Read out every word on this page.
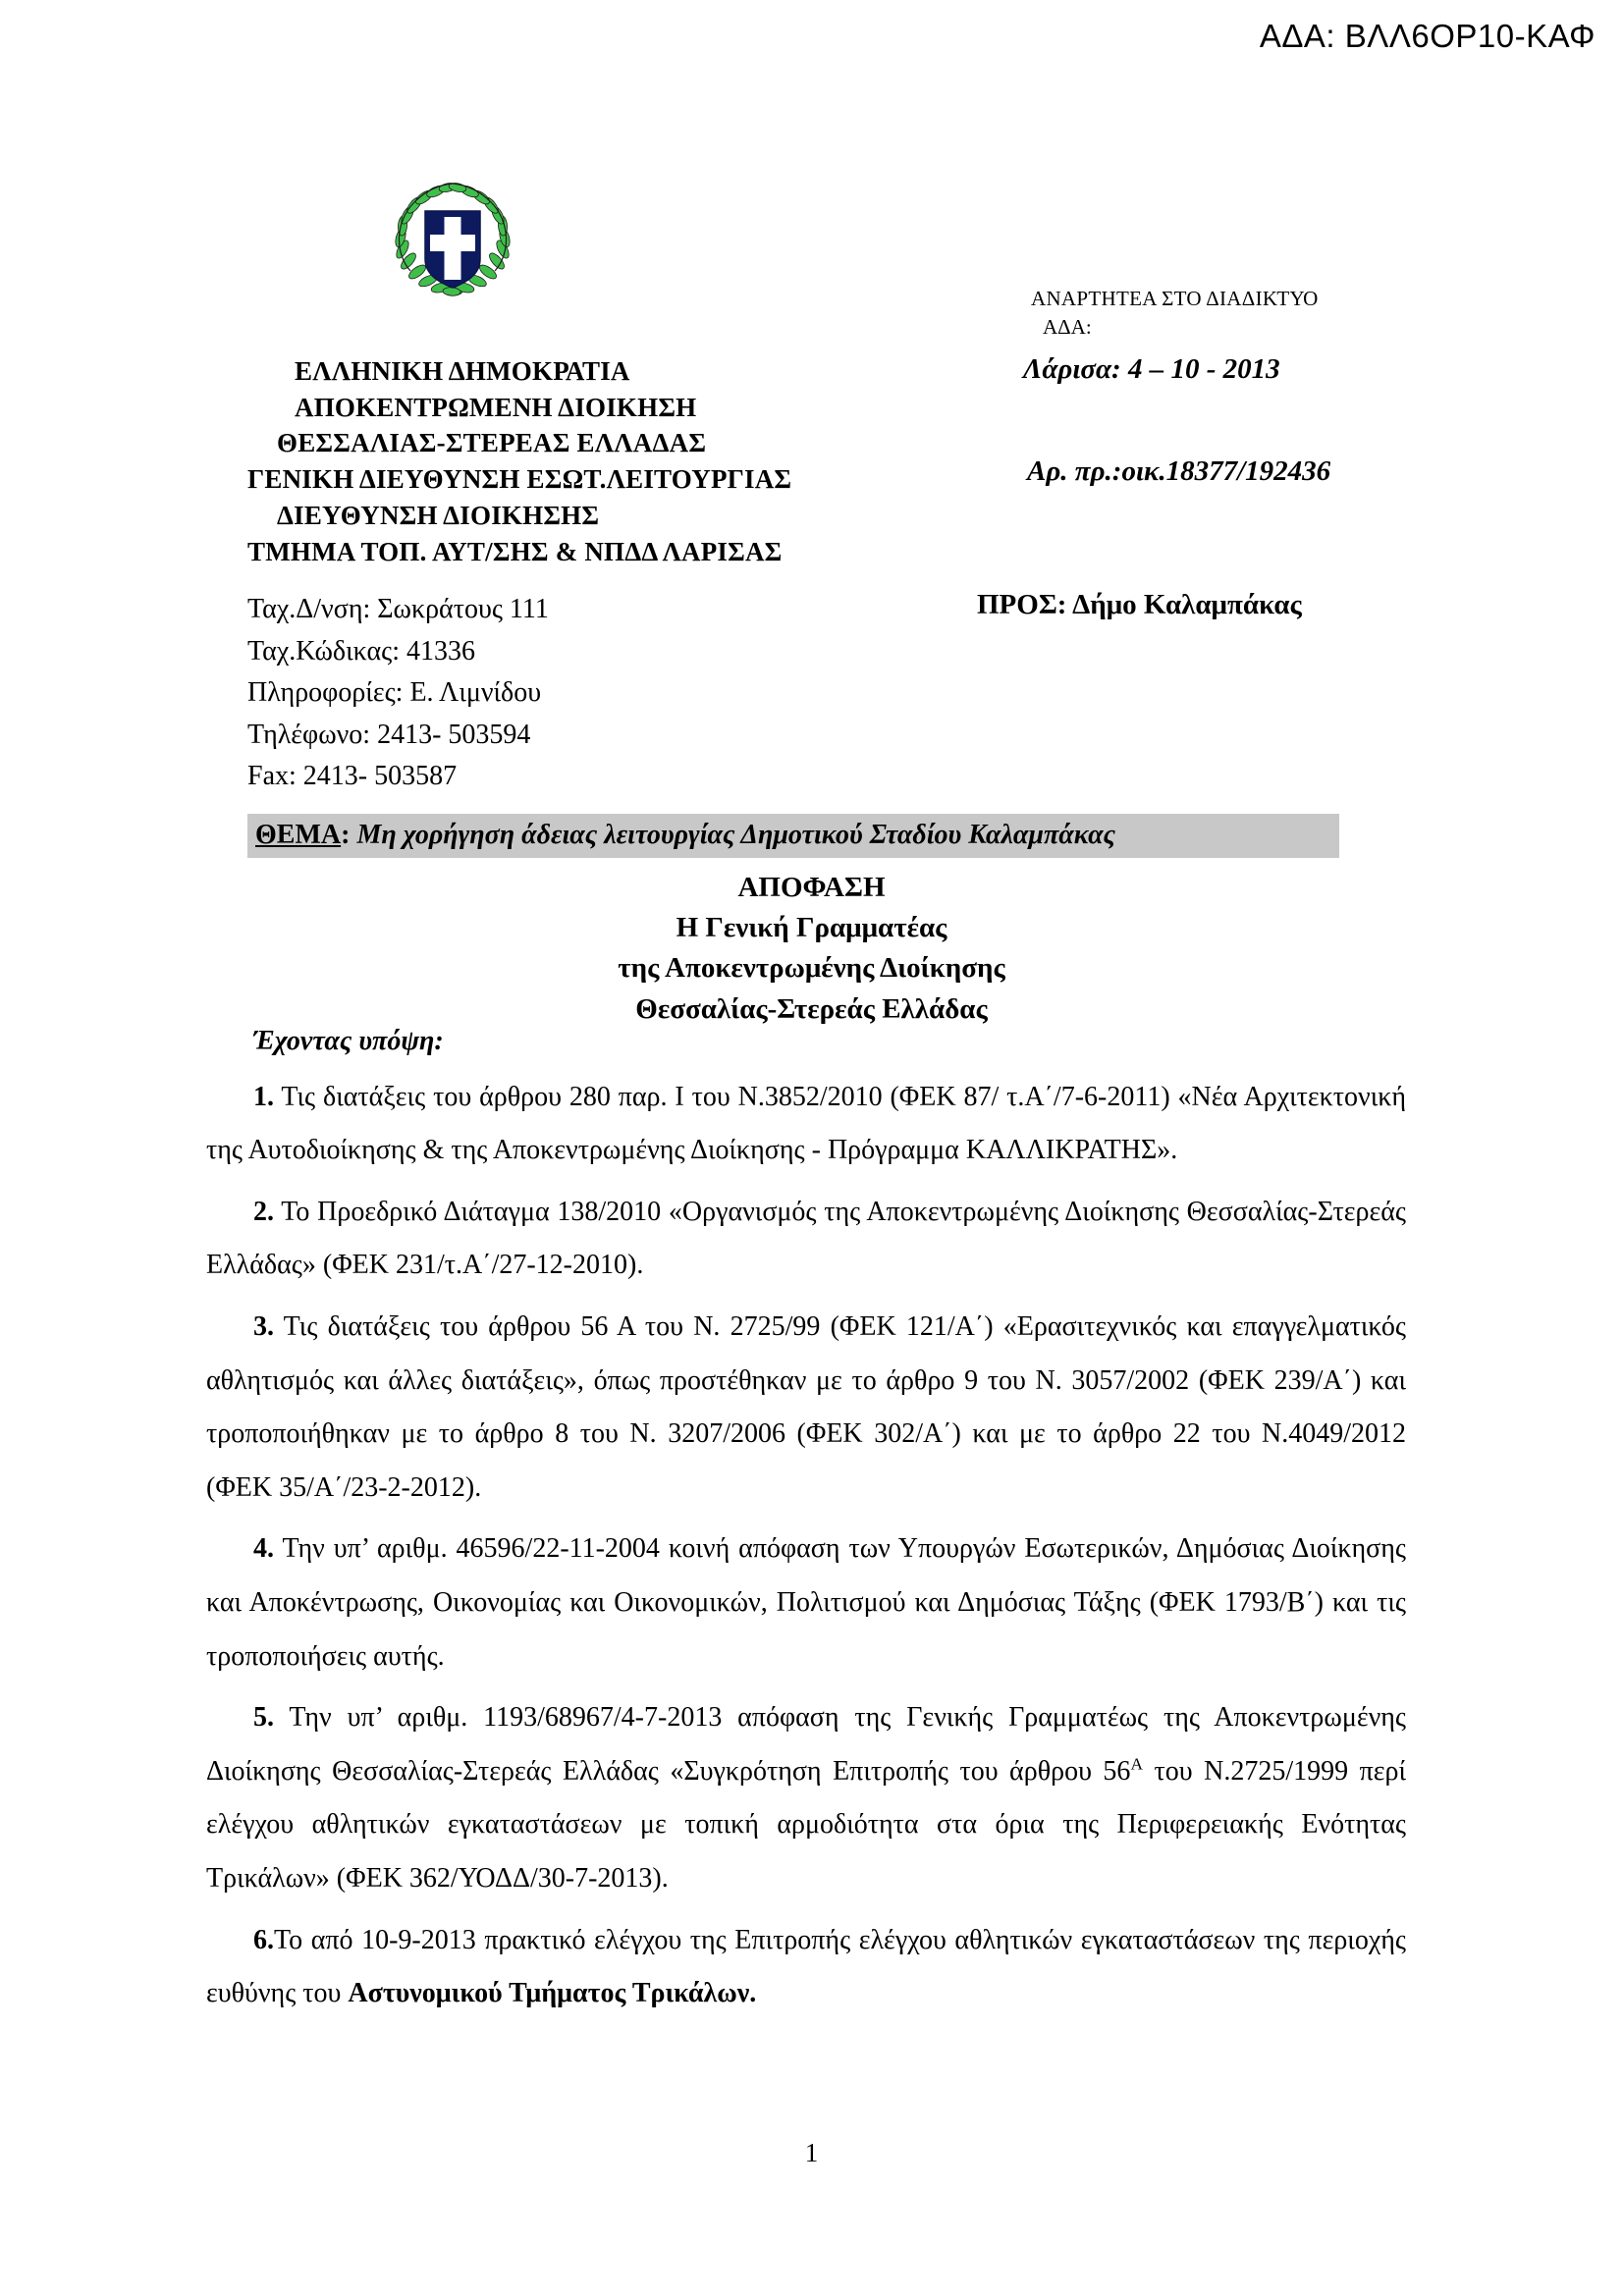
ΑΔΑ: ΒΛΛ6ΟΡ10-ΚΑΦ
ΕΛΛΗΝΙΚΗ ΔΗΜΟΚΡΑΤΙΑ
ΑΠΟΚΕΝΤΡΩΜΕΝΗ ΔΙΟΙΚΗΣΗ
ΘΕΣΣΑΛΙΑΣ-ΣΤΕΡΕΑΣ ΕΛΛΑΔΑΣ
ΓΕΝΙΚΗ ΔΙΕΥΘΥΝΣΗ ΕΣΩΤ.ΛΕΙΤΟΥΡΓΙΑΣ
ΔΙΕΥΘΥΝΣΗ ΔΙΟΙΚΗΣΗΣ
ΤΜΗΜΑ ΤΟΠ. ΑΥΤ/ΣΗΣ & ΝΠΔΔ ΛΑΡΙΣΑΣ
ΑΝΑΡΤΗΤΕΑ ΣΤΟ ΔΙΑΔΙΚΤΥΟ
ΑΔΑ:
Λάρισα: 4 – 10 - 2013
Αρ. πρ.:οικ.18377/192436
Ταχ.Δ/νση: Σωκράτους 111
Ταχ.Κώδικας: 41336
Πληροφορίες: Ε. Λιμνίδου
Τηλέφωνο: 2413- 503594
Fax: 2413- 503587
ΠΡΟΣ: Δήμο Καλαμπάκας
ΘΕΜΑ: Μη χορήγηση άδειας λειτουργίας Δημοτικού Σταδίου Καλαμπάκας
ΑΠΟΦΑΣΗ
Η Γενική Γραμματέας
της Αποκεντρωμένης Διοίκησης
Θεσσαλίας-Στερεάς Ελλάδας
Έχοντας υπόψη:

1. Τις διατάξεις του άρθρου 280 παρ. Ι του Ν.3852/2010 (ΦΕΚ 87/ τ.Α΄/7-6-2011) «Νέα Αρχιτεκτονική της Αυτοδιοίκησης & της Αποκεντρωμένης Διοίκησης - Πρόγραμμα ΚΑΛΛΙΚΡΑΤΗΣ».

2. Το Προεδρικό Διάταγμα 138/2010 «Οργανισμός της Αποκεντρωμένης Διοίκησης Θεσσαλίας-Στερεάς Ελλάδας» (ΦΕΚ 231/τ.Α΄/27-12-2010).

3. Τις διατάξεις του άρθρου 56 Α του Ν. 2725/99 (ΦΕΚ 121/Α΄) «Ερασιτεχνικός και επαγγελματικός αθλητισμός και άλλες διατάξεις», όπως προστέθηκαν με το άρθρο 9 του Ν. 3057/2002 (ΦΕΚ 239/Α΄) και τροποποιήθηκαν με το άρθρο 8 του Ν. 3207/2006 (ΦΕΚ 302/Α΄) και με το άρθρο 22 του Ν.4049/2012 (ΦΕΚ 35/Α΄/23-2-2012).

4. Την υπ’ αριθμ. 46596/22-11-2004 κοινή απόφαση των Υπουργών Εσωτερικών, Δημόσιας Διοίκησης και Αποκέντρωσης, Οικονομίας και Οικονομικών, Πολιτισμού και Δημόσιας Τάξης (ΦΕΚ 1793/Β΄) και τις τροποποιήσεις αυτής.

5. Την υπ’ αριθμ. 1193/68967/4-7-2013 απόφαση της Γενικής Γραμματέως της Αποκεντρωμένης Διοίκησης Θεσσαλίας-Στερεάς Ελλάδας «Συγκρότηση Επιτροπής του άρθρου $56^A$ του Ν.2725/1999 περί ελέγχου αθλητικών εγκαταστάσεων με τοπική αρμοδιότητα στα όρια της Περιφερειακής Ενότητας Τρικάλων» (ΦΕΚ 362/ΥΟΔΔ/30-7-2013).

6.Το από 10-9-2013 πρακτικό ελέγχου της Επιτροπής ελέγχου αθλητικών εγκαταστάσεων της περιοχής ευθύνης του Αστυνομικού Τμήματος Τρικάλων.

1
